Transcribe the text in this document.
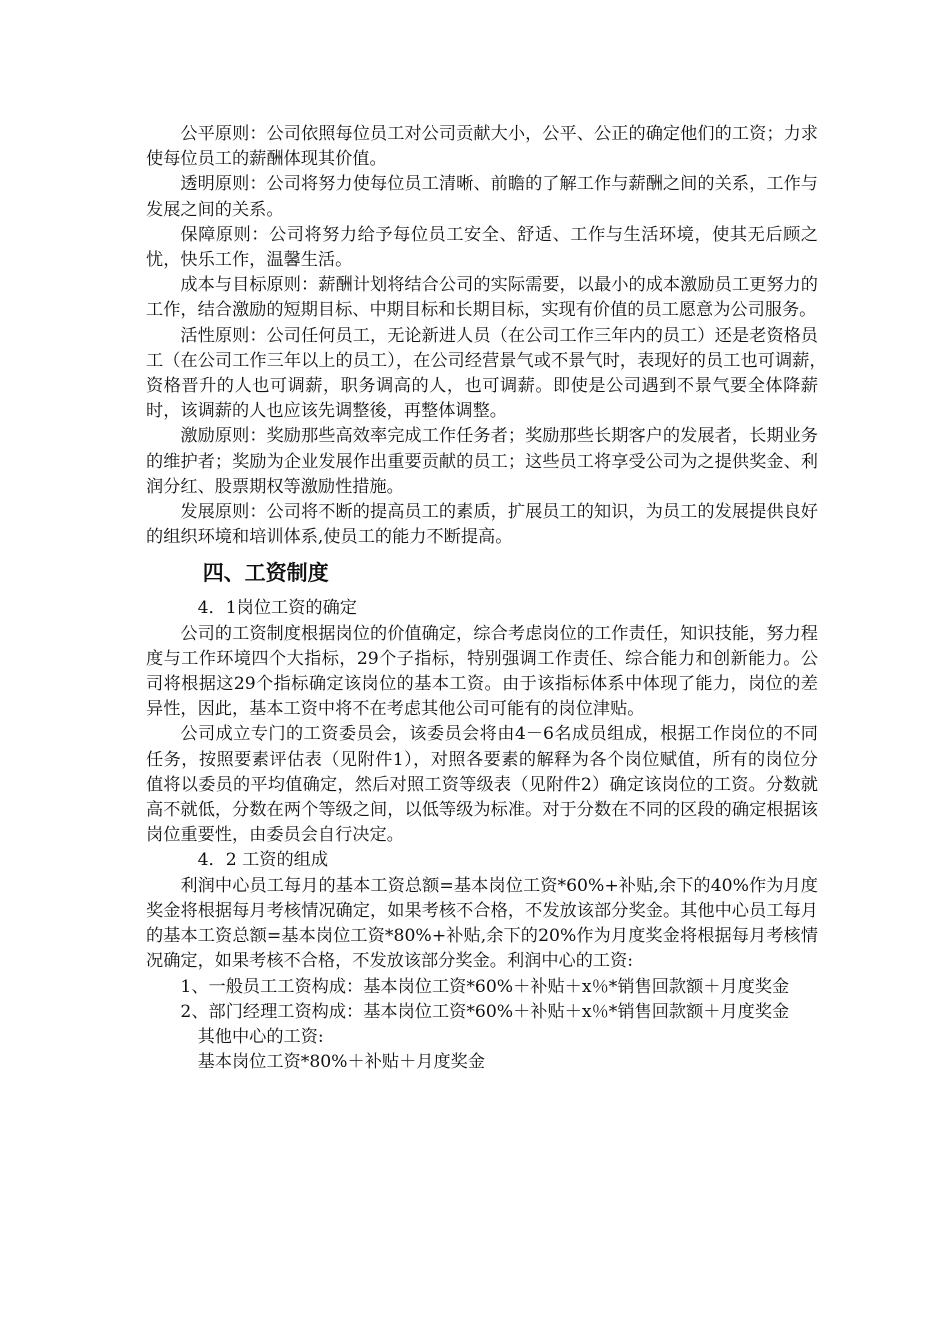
公平原则：公司依照每位员工对公司贡献大小，公平、公正的确定他们的工资；力求使每位员工的薪酬体现其价值。

透明原则：公司将努力使每位员工清晰、前瞻的了解工作与薪酬之间的关系，工作与发展之间的关系。

保障原则：公司将努力给予每位员工安全、舒适、工作与生活环境，使其无后顾之忧，快乐工作，温馨生活。

成本与目标原则：薪酬计划将结合公司的实际需要，以最小的成本激励员工更努力的工作，结合激励的短期目标、中期目标和长期目标，实现有价值的员工愿意为公司服务。

活性原则：公司任何员工，无论新进人员（在公司工作三年内的员工）还是老资格员工（在公司工作三年以上的员工），在公司经营景气或不景气时，表现好的员工也可调薪，　资格晋升的人也可调薪，职务调高的人，也可调薪。即使是公司遇到不景气要全体降薪时，该调薪的人也应该先调整後，再整体调整。

激励原则：奖励那些高效率完成工作任务者；奖励那些长期客户的发展者，长期业务的维护者；奖励为企业发展作出重要贡献的员工；这些员工将享受公司为之提供奖金、利润分红、股票期权等激励性措施。

发展原则：公司将不断的提高员工的素质，扩展员工的知识，为员工的发展提供良好的组织环境和培训体系,使员工的能力不断提高。

四、工资制度

4．1岗位工资的确定

公司的工资制度根据岗位的价值确定，综合考虑岗位的工作责任，知识技能，努力程度与工作环境四个大指标，29个子指标，特别强调工作责任、综合能力和创新能力。公司将根据这29个指标确定该岗位的基本工资。由于该指标体系中体现了能力，岗位的差异性，因此，基本工资中将不在考虑其他公司可能有的岗位津贴。

公司成立专门的工资委员会，该委员会将由4－6名成员组成，根据工作岗位的不同任务，按照要素评估表（见附件1），对照各要素的解释为各个岗位赋值，所有的岗位分值将以委员的平均值确定，然后对照工资等级表（见附件2）确定该岗位的工资。分数就高不就低，分数在两个等级之间，以低等级为标准。对于分数在不同的区段的确定根据该岗位重要性，由委员会自行决定。

4．2 工资的组成

利润中心员工每月的基本工资总额=基本岗位工资*60%+补贴,余下的40%作为月度奖金将根据每月考核情况确定，如果考核不合格，不发放该部分奖金。其他中心员工每月的基本工资总额=基本岗位工资*80%+补贴,余下的20%作为月度奖金将根据每月考核情况确定，如果考核不合格，不发放该部分奖金。利润中心的工资:

1、一般员工工资构成：基本岗位工资*60%＋补贴＋x％*销售回款额＋月度奖金

2、部门经理工资构成：基本岗位工资*60%＋补贴＋x％*销售回款额＋月度奖金

其他中心的工资:

基本岗位工资*80%＋补贴＋月度奖金
